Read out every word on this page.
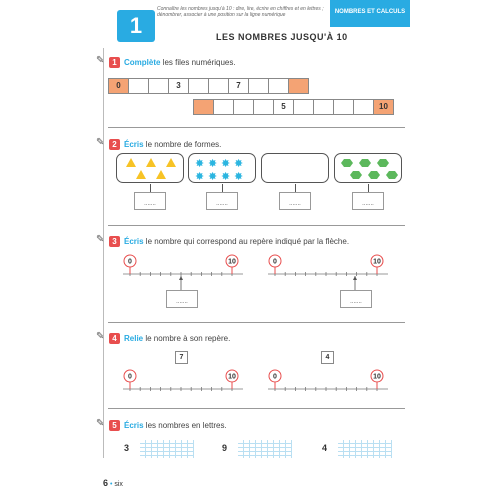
1
Connaître les nombres jusqu'à 10 : dire, lire, écrire en chiffres et en lettres ; dénombrer, associer à une position sur la ligne numérique	NOMBRES ET CALCULS
LES NOMBRES JUSQU'À 10
✎ 1 Complète les files numériques.
0	3	7
5	10
✎ 2 Écris le nombre de formes.
✸ ✸ ✸ ✸
✸ ✸ ✸ ✸
.......	.......	.......	.......
✎ 3 Écris le nombre qui correspond au repère indiqué par la flèche.
0	10	0	10
.......	.......
✎ 4 Relie le nombre à son repère.
7	4
0	10	0	10
✎ 5 Écris les nombres en lettres.
3	9	4
6 • six
